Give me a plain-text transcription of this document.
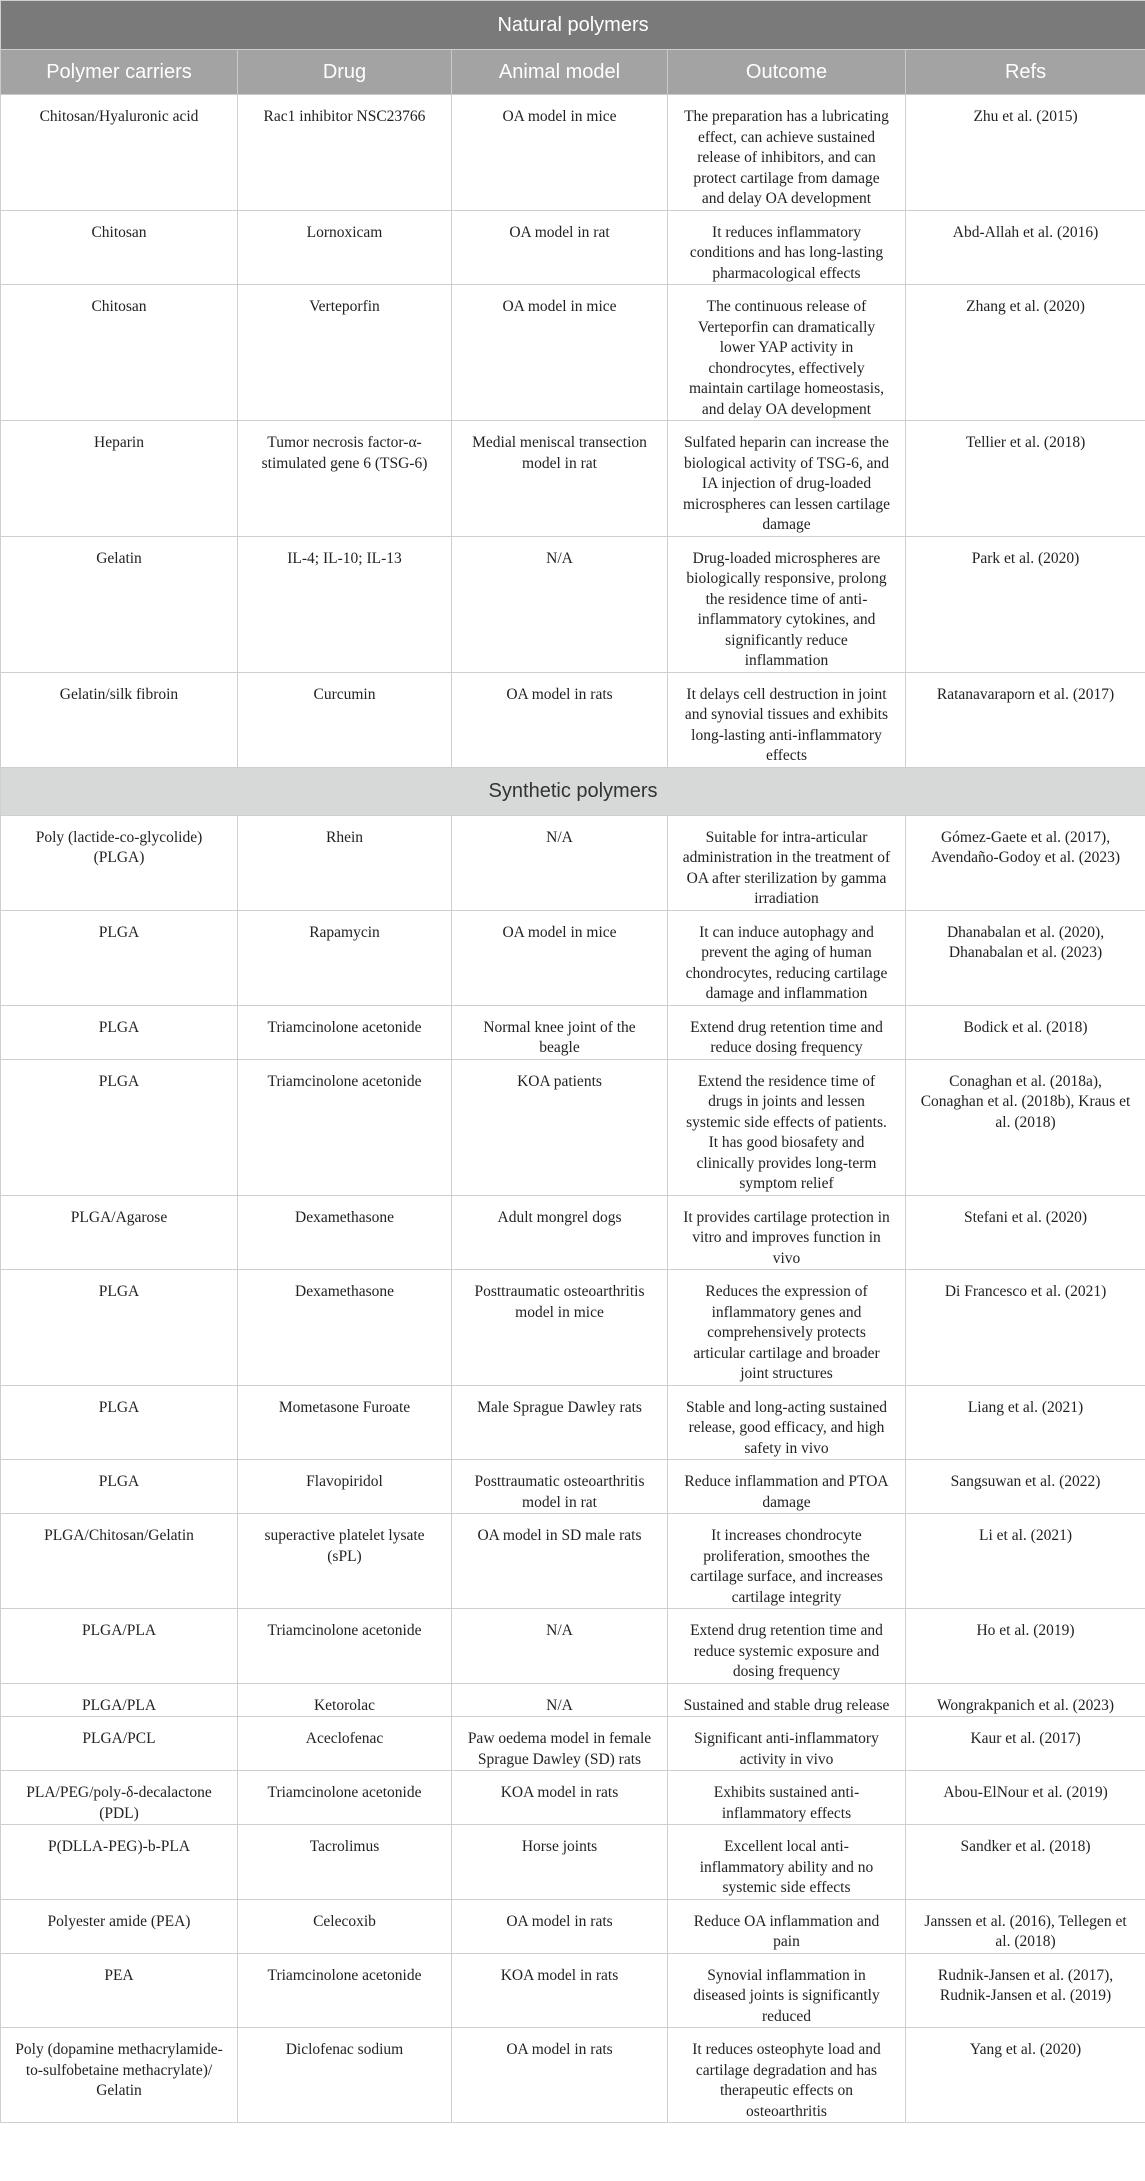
Natural polymers				
Polymer carriers	Drug	Animal model	Outcome	Refs
Chitosan/Hyaluronic acid	Rac1 inhibitor NSC23766	OA model in mice	The preparation has a lubricating effect, can achieve sustained release of inhibitors, and can protect cartilage from damage and delay OA development	Zhu et al. (2015)
Chitosan	Lornoxicam	OA model in rat	It reduces inflammatory conditions and has long-lasting pharmacological effects	Abd-Allah et al. (2016)
Chitosan	Verteporfin	OA model in mice	The continuous release of Verteporfin can dramatically lower YAP activity in chondrocytes, effectively maintain cartilage homeostasis, and delay OA development	Zhang et al. (2020)
Heparin	Tumor necrosis factor-α-stimulated gene 6 (TSG-6)	Medial meniscal transection model in rat	Sulfated heparin can increase the biological activity of TSG-6, and IA injection of drug-loaded microspheres can lessen cartilage damage	Tellier et al. (2018)
Gelatin	IL-4; IL-10; IL-13	N/A	Drug-loaded microspheres are biologically responsive, prolong the residence time of anti-inflammatory cytokines, and significantly reduce inflammation	Park et al. (2020)
Gelatin/silk fibroin	Curcumin	OA model in rats	It delays cell destruction in joint and synovial tissues and exhibits long-lasting anti-inflammatory effects	Ratanavaraporn et al. (2017)
Synthetic polymers				
Poly (lactide-co-glycolide)(PLGA)	Rhein	N/A	Suitable for intra-articular administration in the treatment of OA after sterilization by gamma irradiation	Gómez-Gaete et al. (2017), Avendaño-Godoy et al. (2023)
PLGA	Rapamycin	OA model in mice	It can induce autophagy and prevent the aging of human chondrocytes, reducing cartilage damage and inflammation	Dhanabalan et al. (2020), Dhanabalan et al. (2023)
PLGA	Triamcinolone acetonide	Normal knee joint of the beagle	Extend drug retention time and reduce dosing frequency	Bodick et al. (2018)
PLGA	Triamcinolone acetonide	KOA patients	Extend the residence time of drugs in joints and lessen systemic side effects of patients. It has good biosafety and clinically provides long-term symptom relief	Conaghan et al. (2018a), Conaghan et al. (2018b), Kraus et al. (2018)
PLGA/Agarose	Dexamethasone	Adult mongrel dogs	It provides cartilage protection in vitro and improves function in vivo	Stefani et al. (2020)
PLGA	Dexamethasone	Posttraumatic osteoarthritis model in mice	Reduces the expression of inflammatory genes and comprehensively protects articular cartilage and broader joint structures	Di Francesco et al. (2021)
PLGA	Mometasone Furoate	Male Sprague Dawley rats	Stable and long-acting sustained release, good efficacy, and high safety in vivo	Liang et al. (2021)
PLGA	Flavopiridol	Posttraumatic osteoarthritis model in rat	Reduce inflammation and PTOA damage	Sangsuwan et al. (2022)
PLGA/Chitosan/Gelatin	superactive platelet lysate (sPL)	OA model in SD male rats	It increases chondrocyte proliferation, smoothes the cartilage surface, and increases cartilage integrity	Li et al. (2021)
PLGA/PLA	Triamcinolone acetonide	N/A	Extend drug retention time and reduce systemic exposure and dosing frequency	Ho et al. (2019)
PLGA/PLA	Ketorolac	N/A	Sustained and stable drug release	Wongrakpanich et al. (2023)
PLGA/PCL	Aceclofenac	Paw oedema model in female Sprague Dawley (SD) rats	Significant anti-inflammatory activity in vivo	Kaur et al. (2017)
PLA/PEG/poly-δ-decalactone (PDL)	Triamcinolone acetonide	KOA model in rats	Exhibits sustained anti-inflammatory effects	Abou-ElNour et al. (2019)
P(DLLA-PEG)-b-PLA	Tacrolimus	Horse joints	Excellent local anti-inflammatory ability and no systemic side effects	Sandker et al. (2018)
Polyester amide (PEA)	Celecoxib	OA model in rats	Reduce OA inflammation and pain	Janssen et al. (2016), Tellegen et al. (2018)
PEA	Triamcinolone acetonide	KOA model in rats	Synovial inflammation in diseased joints is significantly reduced	Rudnik-Jansen et al. (2017), Rudnik-Jansen et al. (2019)
Poly (dopamine methacrylamide-to-sulfobetaine methacrylate)/ Gelatin	Diclofenac sodium	OA model in rats	It reduces osteophyte load and cartilage degradation and has therapeutic effects on osteoarthritis	Yang et al. (2020)
